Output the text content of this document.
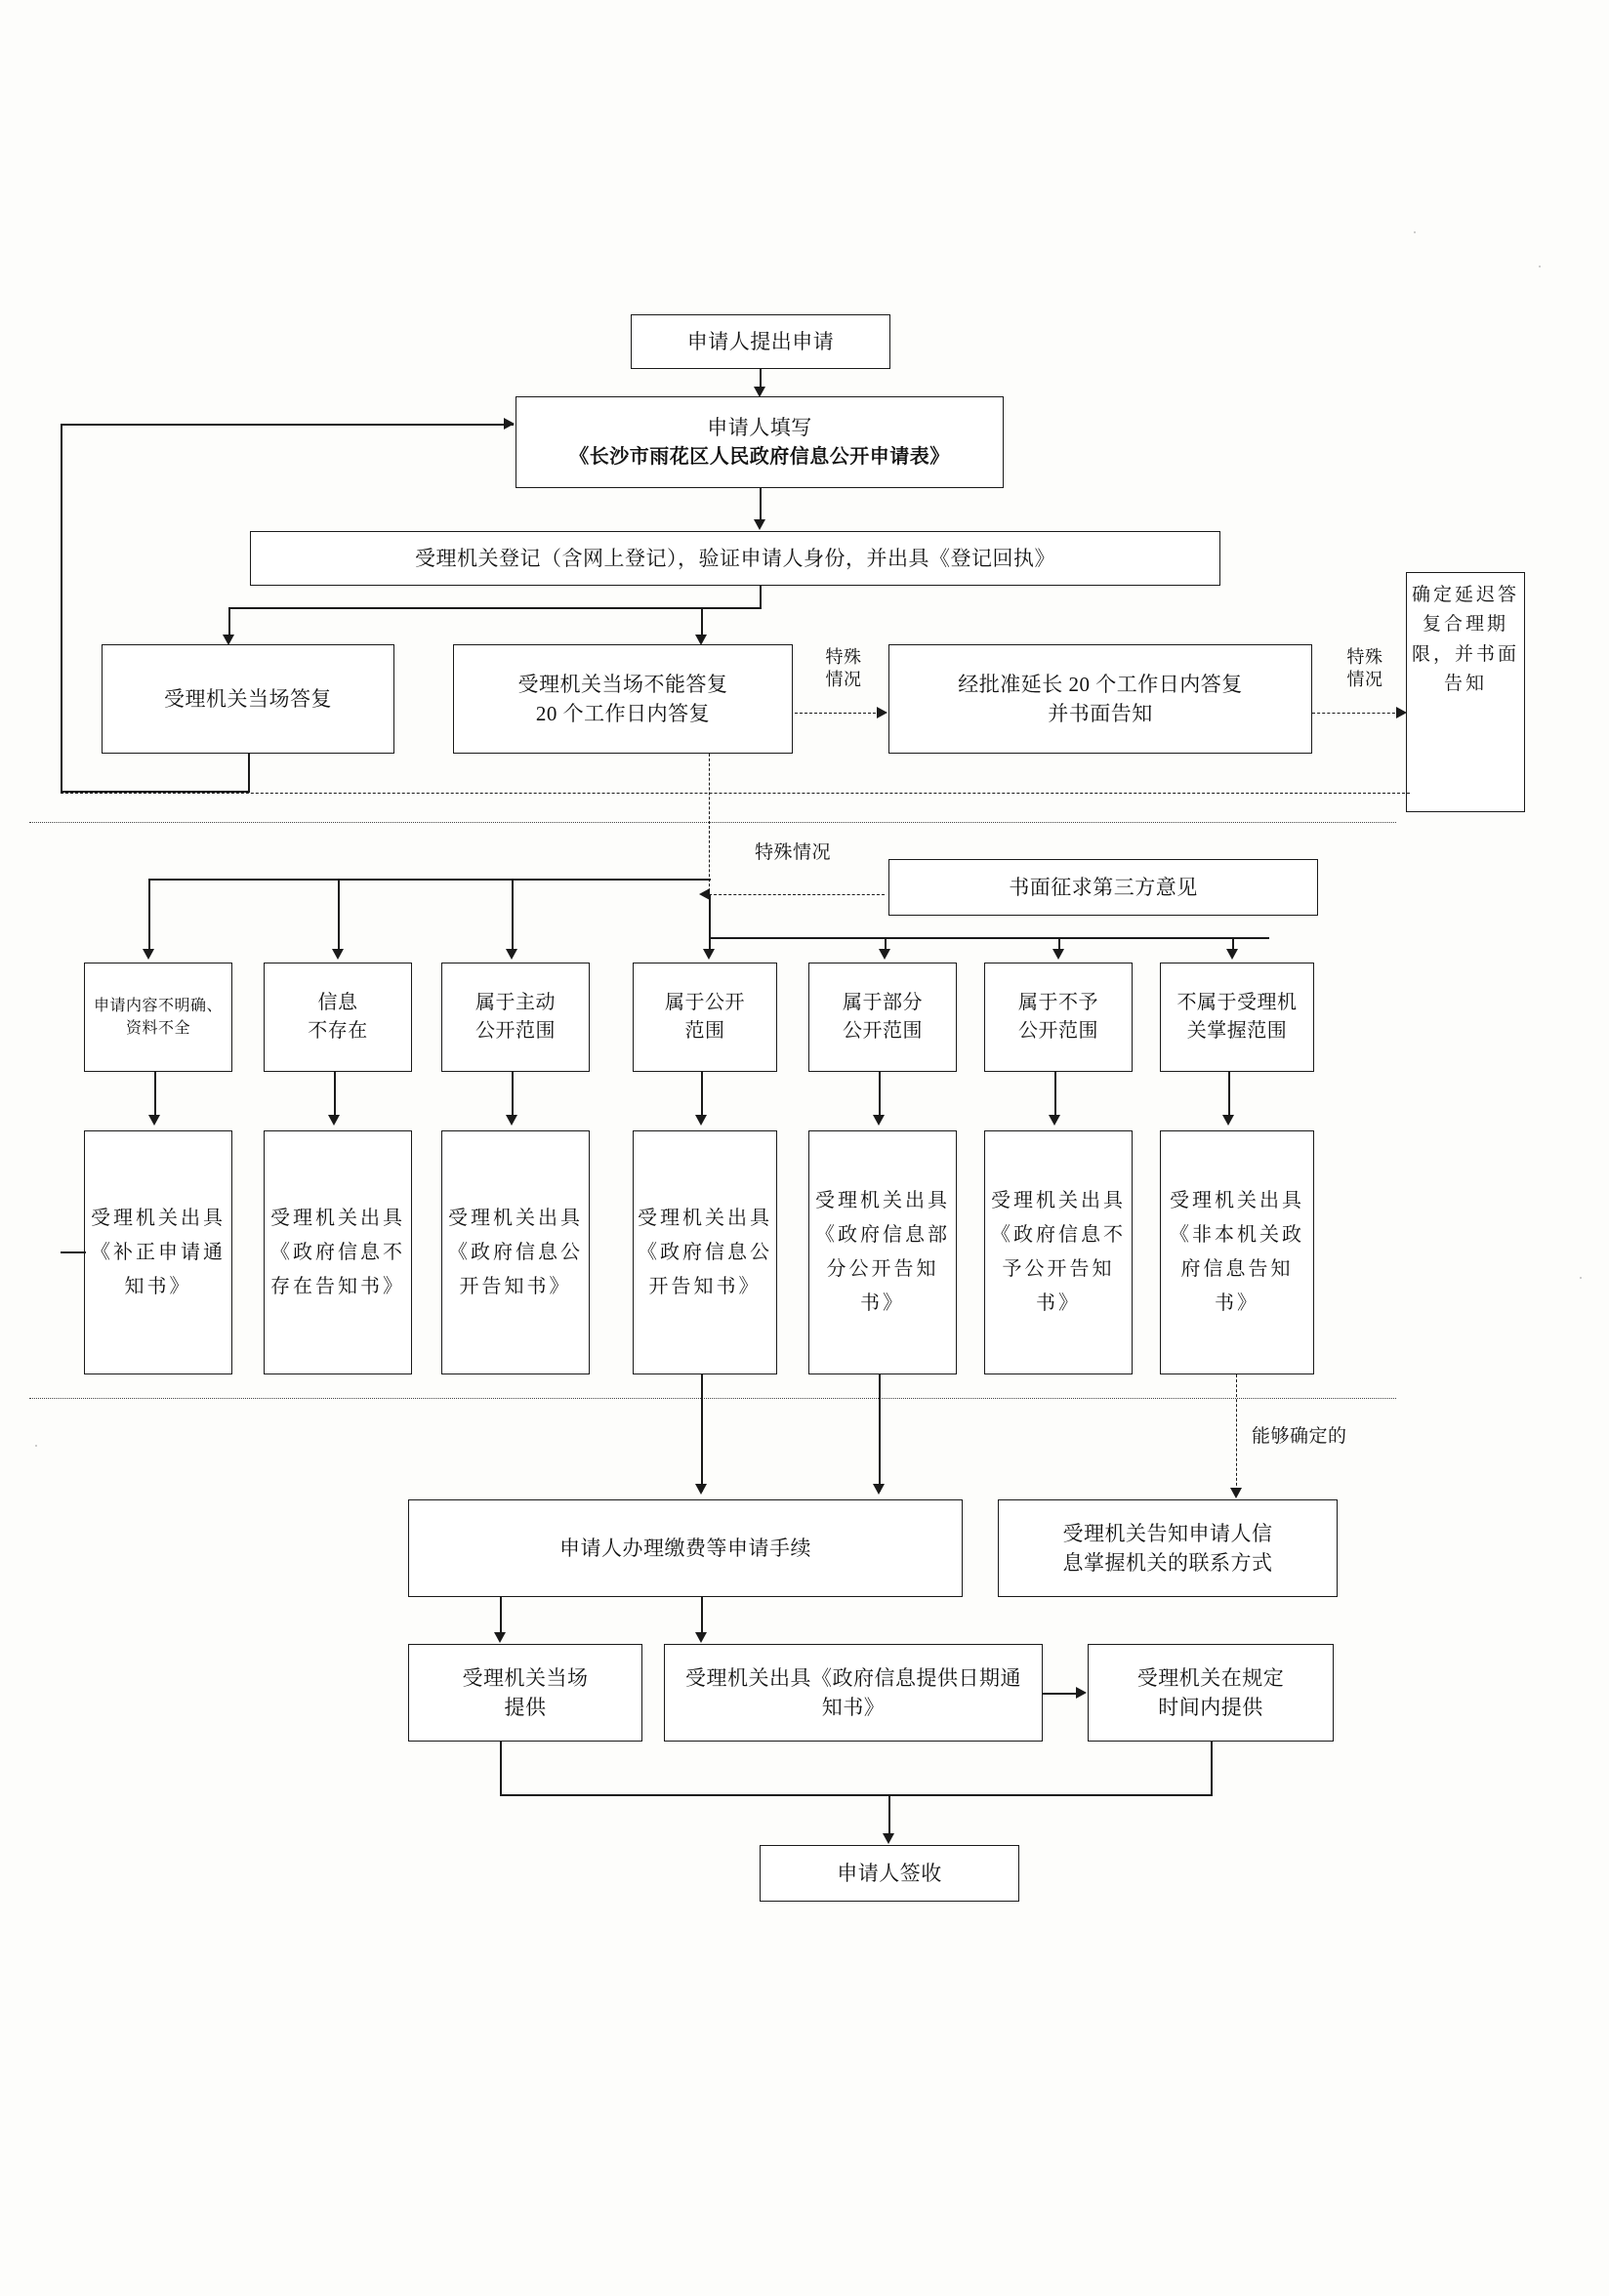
申请人提出申请
申请人填写
《长沙市雨花区人民政府信息公开申请表》
受理机关登记（含网上登记），验证申请人身份，并出具《登记回执》
受理机关当场答复
受理机关当场不能答复
20 个工作日内答复
特殊
情况	经批准延长 20 个工作日内答复
并书面告知
特殊
情况
确定延迟答复合理期限，并书面告知
书面征求第三方意见
特殊情况
申请内容不明确、资料不全
信息
不存在
属于主动
公开范围
属于公开
范围
属于部分
公开范围
属于不予
公开范围
不属于受理机
关掌握范围
受理机关出具《补正申请通知书》
受理机关出具《政府信息不存在告知书》
受理机关出具《政府信息公开告知书》
受理机关出具《政府信息公开告知书》
受理机关出具《政府信息部分公开告知书》
受理机关出具《政府信息不予公开告知书》
受理机关出具《非本机关政府信息告知书》
能够确定的
申请人办理缴费等申请手续
受理机关告知申请人信
息掌握机关的联系方式
受理机关当场
提供
受理机关出具《政府信息提供日期通知书》
受理机关在规定
时间内提供
申请人签收
